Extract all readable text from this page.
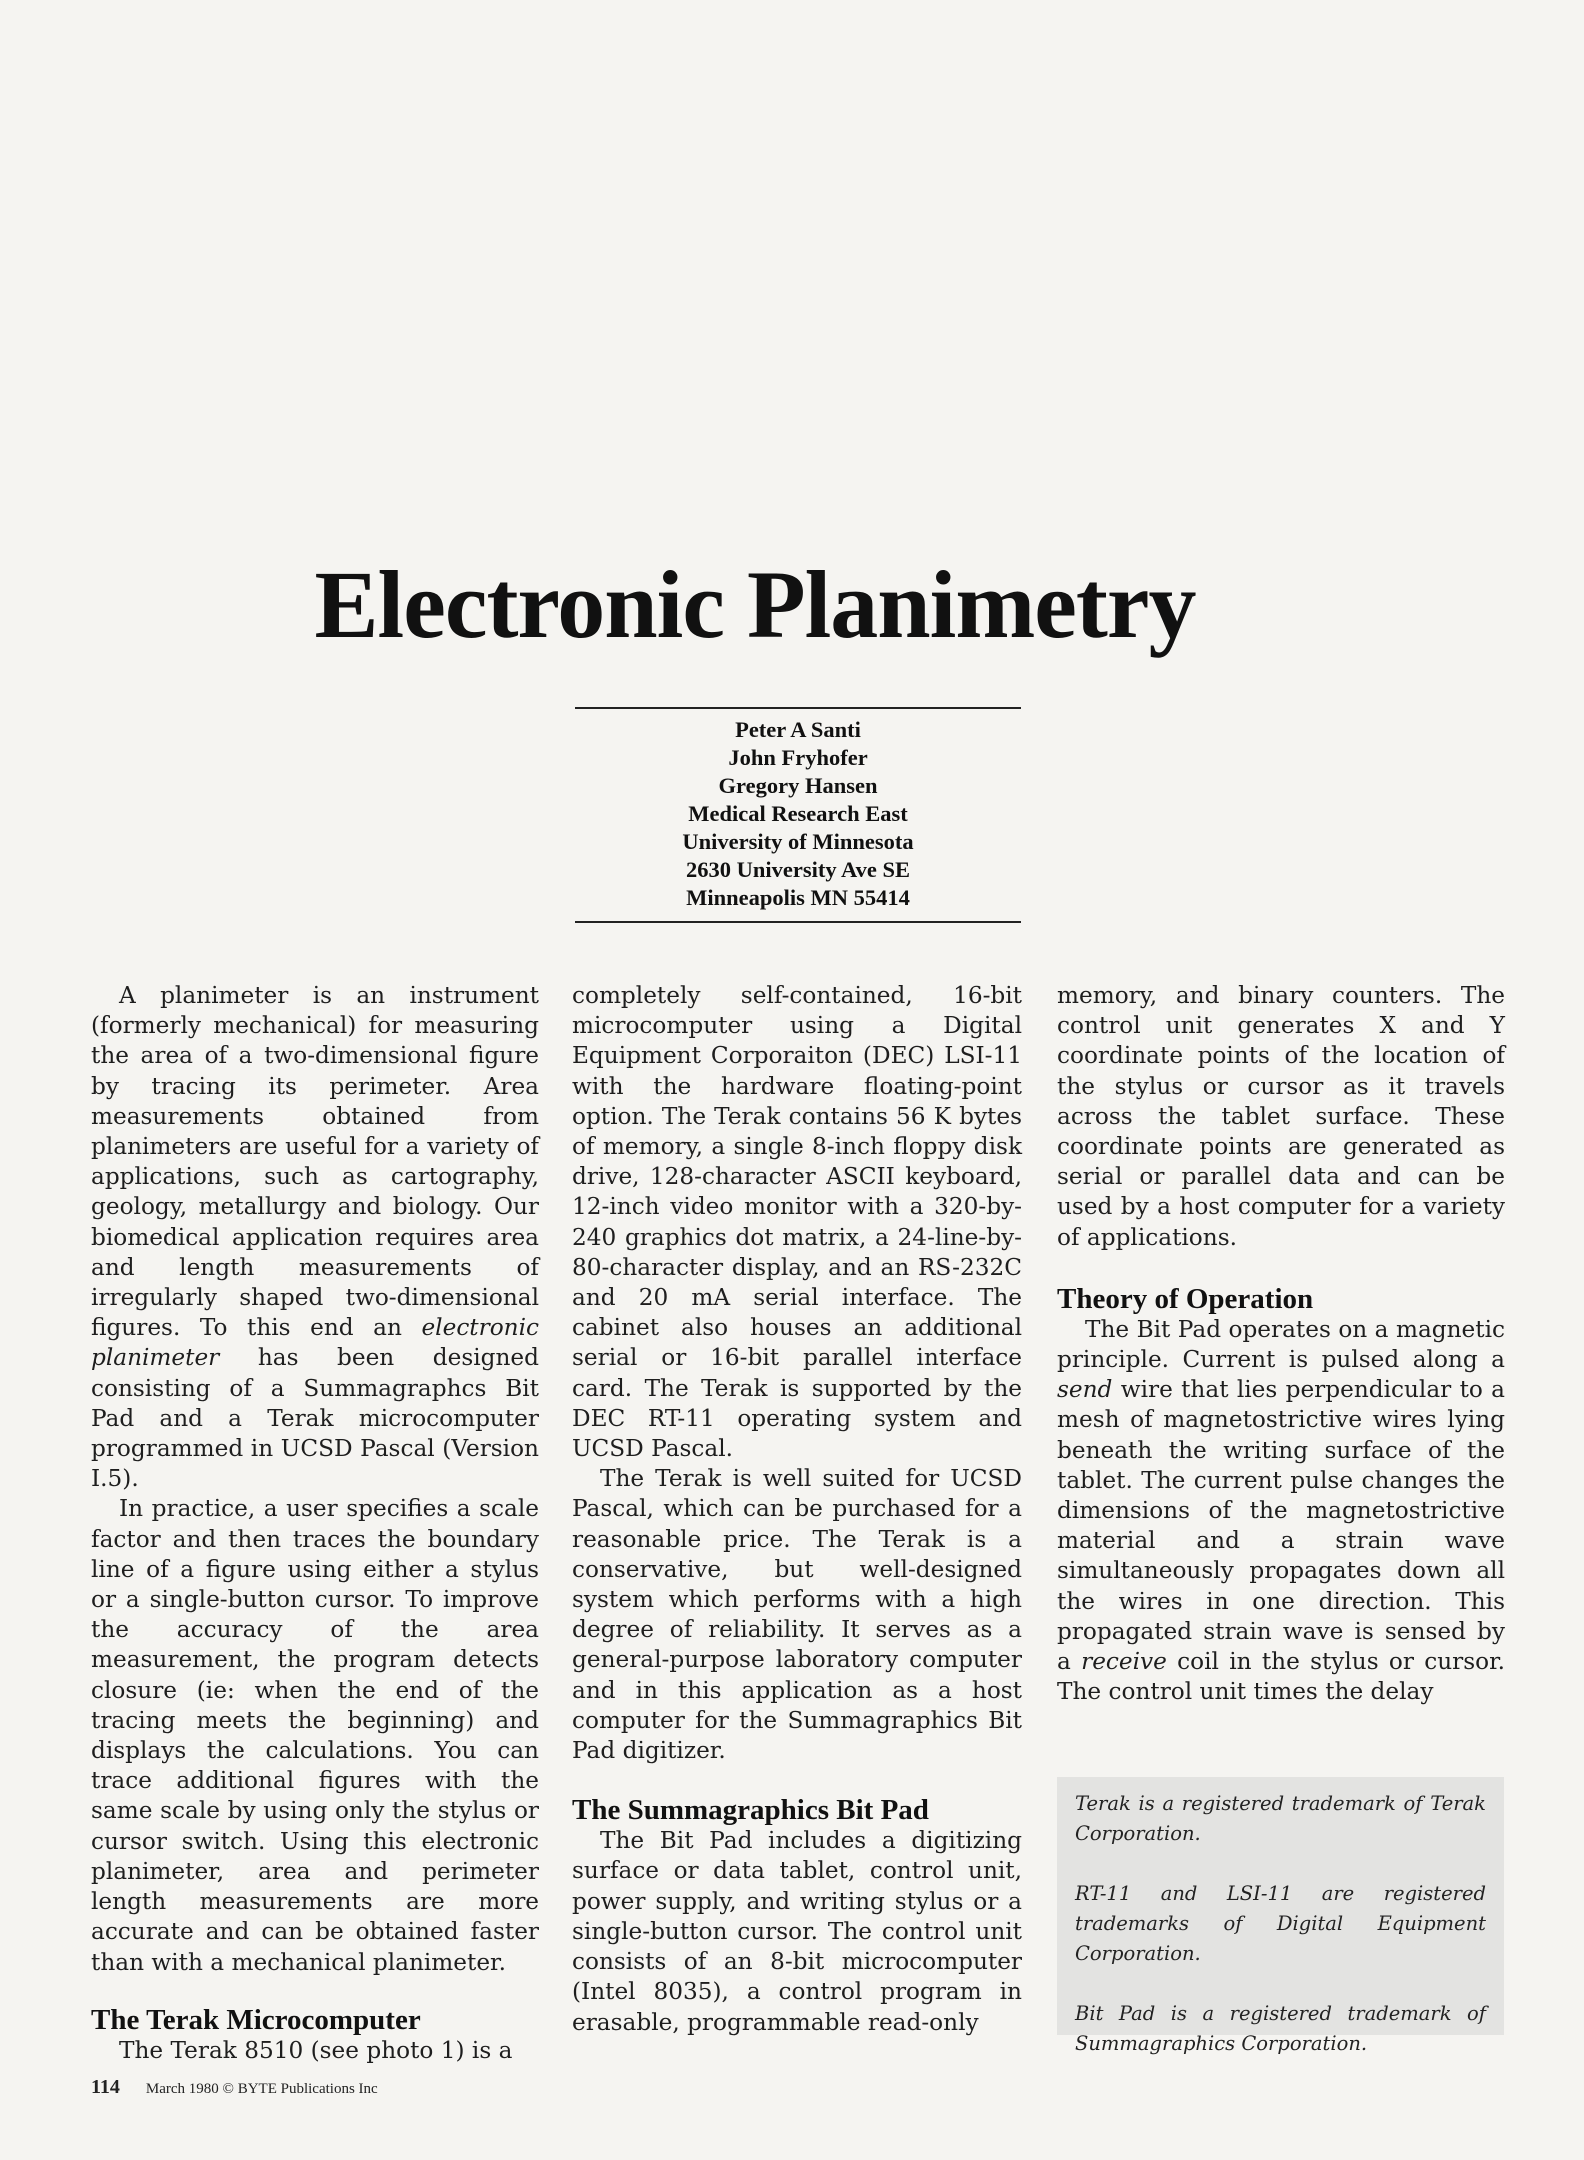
Electronic Planimetry
Peter A Santi
John Fryhofer
Gregory Hansen
Medical Research East
University of Minnesota
2630 University Ave SE
Minneapolis MN 55414

A planimeter is an instrument (formerly mechanical) for measuring the area of a two-dimensional figure by tracing its perimeter. Area measurements obtained from planimeters are useful for a variety of applications, such as cartography, geology, metallurgy and biology. Our biomedical application requires area and length measurements of irregularly shaped two-dimensional figures. To this end an electronic planimeter has been designed consisting of a Summagraphcs Bit Pad and a Terak microcomputer programmed in UCSD Pascal (Version I.5).

In practice, a user specifies a scale factor and then traces the boundary line of a figure using either a stylus or a single-button cursor. To improve the accuracy of the area measurement, the program detects closure (ie: when the end of the tracing meets the beginning) and displays the calculations. You can trace additional figures with the same scale by using only the stylus or cursor switch. Using this electronic planimeter, area and perimeter length measurements are more accurate and can be obtained faster than with a mechanical planimeter.

The Terak Microcomputer

The Terak 8510 (see photo 1) is a

completely self-contained, 16-bit microcomputer using a Digital Equipment Corporaiton (DEC) LSI-11 with the hardware floating-point option. The Terak contains 56 K bytes of memory, a single 8-inch floppy disk drive, 128-character ASCII keyboard, 12-inch video monitor with a 320-by-240 graphics dot matrix, a 24-line-by-80-character display, and an RS-232C and 20 mA serial interface. The cabinet also houses an additional serial or 16-bit parallel interface card. The Terak is supported by the DEC RT-11 operating system and UCSD Pascal.

The Terak is well suited for UCSD Pascal, which can be purchased for a reasonable price. The Terak is a conservative, but well-designed system which performs with a high degree of reliability. It serves as a general-purpose laboratory computer and in this application as a host computer for the Summagraphics Bit Pad digitizer.

The Summagraphics Bit Pad

The Bit Pad includes a digitizing surface or data tablet, control unit, power supply, and writing stylus or a single-button cursor. The control unit consists of an 8-bit microcomputer (Intel 8035), a control program in erasable, programmable read-only

memory, and binary counters. The control unit generates X and Y coordinate points of the location of the stylus or cursor as it travels across the tablet surface. These coordinate points are generated as serial or parallel data and can be used by a host computer for a variety of applications.

Theory of Operation

The Bit Pad operates on a magnetic principle. Current is pulsed along a send wire that lies perpendicular to a mesh of magnetostrictive wires lying beneath the writing surface of the tablet. The current pulse changes the dimensions of the magnetostrictive material and a strain wave simultaneously propagates down all the wires in one direction. This propagated strain wave is sensed by a receive coil in the stylus or cursor. The control unit times the delay

Terak is a registered trademark of Terak Corporation.

RT-11 and LSI-11 are registered trademarks of Digital Equipment Corporation.

Bit Pad is a registered trademark of Summagraphics Corporation.

114 March 1980 © BYTE Publications Inc
